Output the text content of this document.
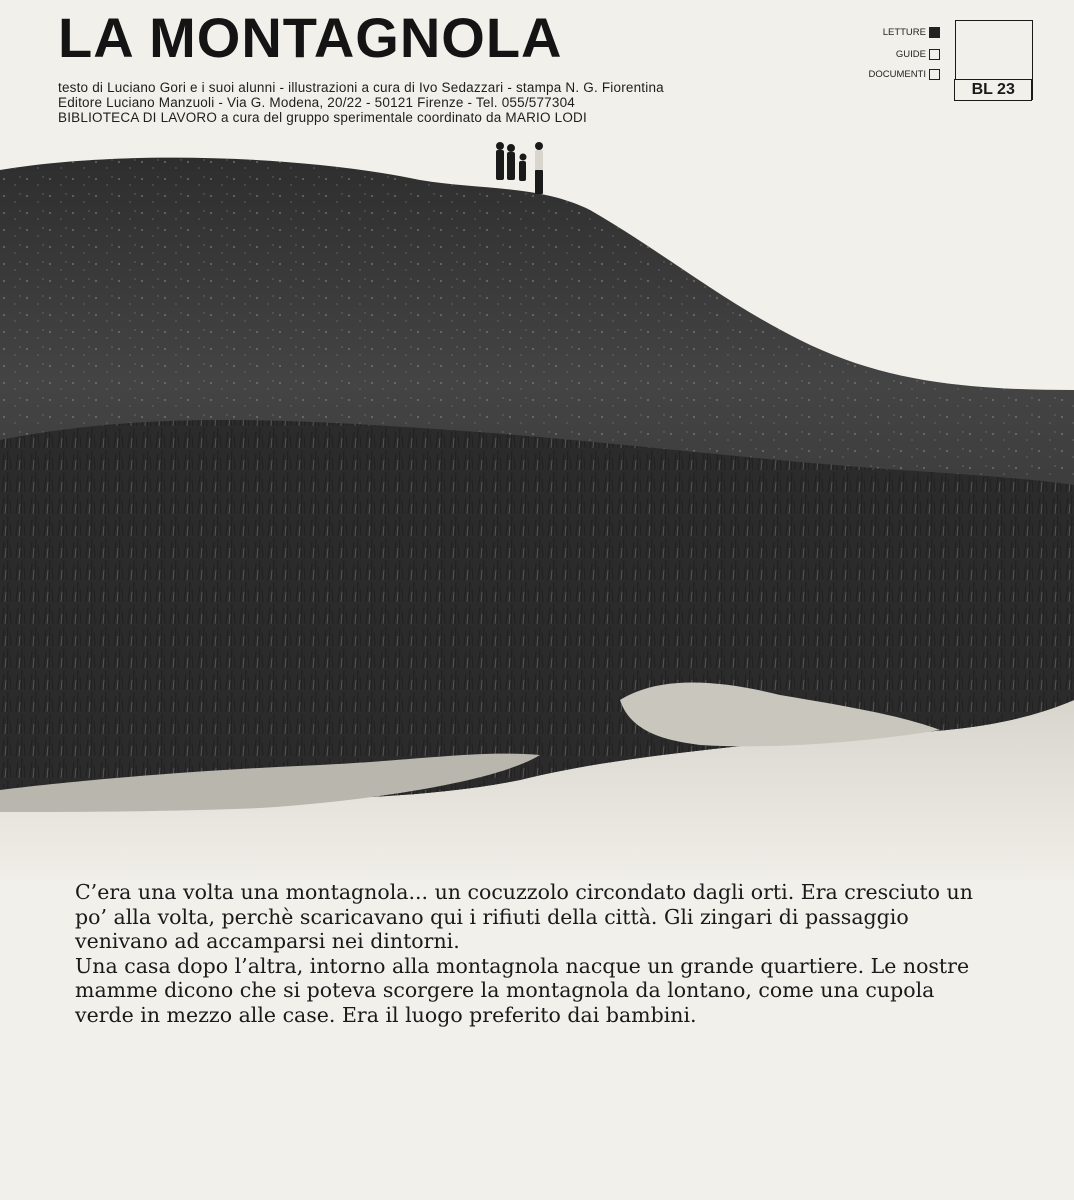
LA MONTAGNOLA
testo di Luciano Gori e i suoi alunni - illustrazioni a cura di Ivo Sedazzari - stampa N. G. Fiorentina
Editore Luciano Manzuoli - Via G. Modena, 20/22 - 50121 Firenze - Tel. 055/577304
BIBLIOTECA DI LAVORO a cura del gruppo sperimentale coordinato da MARIO LODI
LETTURE
GUIDE
DOCUMENTI
BL 23

C’era una volta una montagnola... un cocuzzolo circondato dagli orti. Era cresciuto un po’ alla volta, perchè scaricavano qui i rifiuti della città. Gli zingari di passaggio venivano ad accamparsi nei dintorni.

Una casa dopo l’altra, intorno alla montagnola nacque un grande quartiere. Le nostre mamme dicono che si poteva scorgere la montagnola da lontano, come una cupola verde in mezzo alle case. Era il luogo preferito dai bambini.
